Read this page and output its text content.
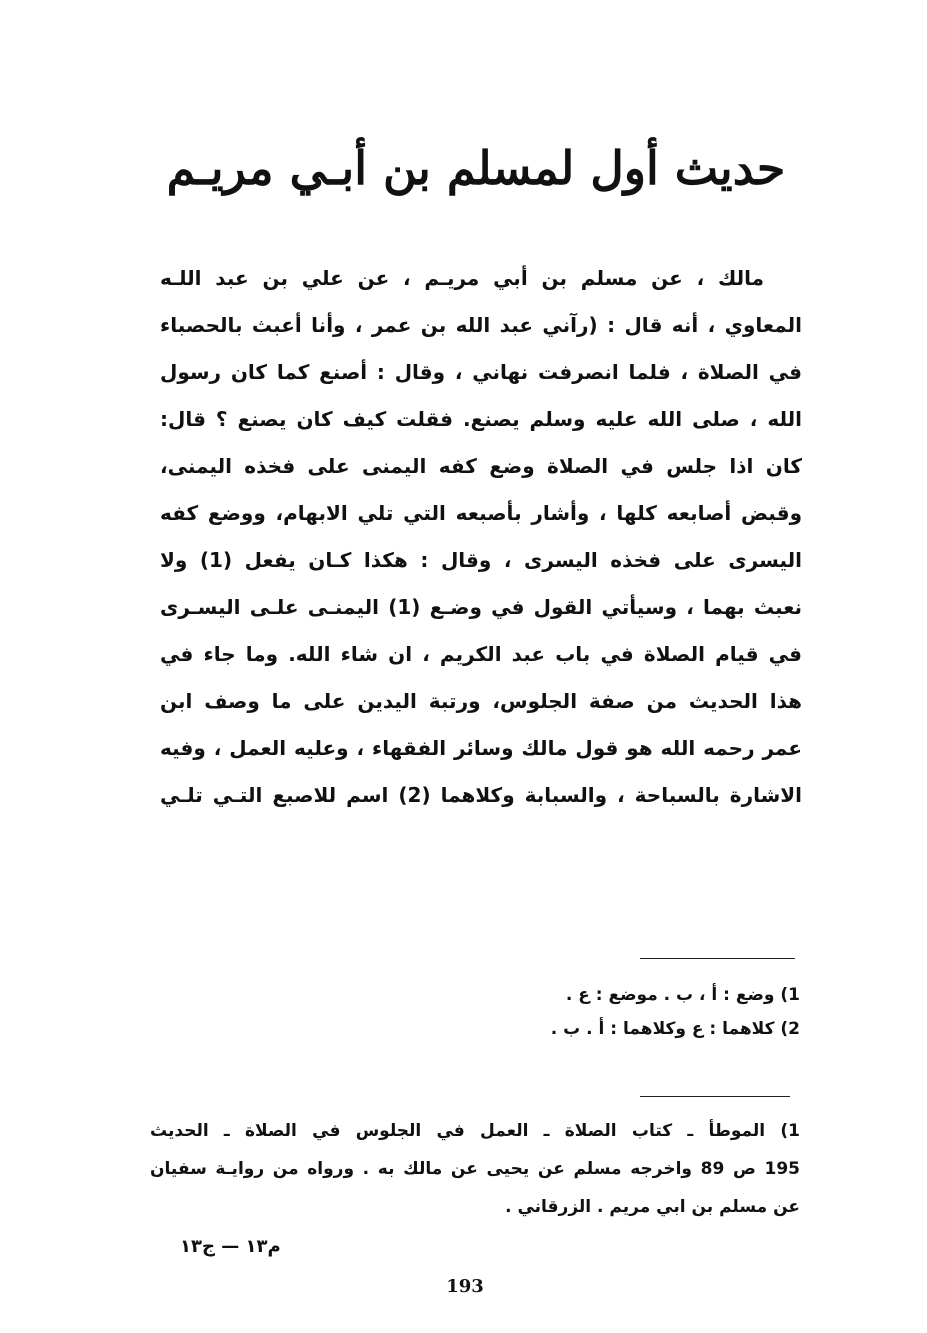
حديث أول لمسلم بن أبـي مريـم
مالك ، عن مسلم بن أبي مريـم ، عن علي بن عبد اللـه
المعاوي ، أنه قال : (رآني عبد الله بن عمر ، وأنا أعبث بالحصباء
في الصلاة ، فلما انصرفت نهاني ، وقال : أصنع كما كان رسول
الله ، صلى الله عليه وسلم يصنع. فقلت كيف كان يصنع ؟ قال:
كان اذا جلس في الصلاة وضع كفه اليمنى على فخذه اليمنى،
وقبض أصابعه كلها ، وأشار بأصبعه التي تلي الابهام، ووضع كفه
اليسرى على فخذه اليسرى ، وقال : هكذا كـان يفعل (1) ولا
نعبث بهما ، وسيأتي القول في وضـع (1) اليمنـى علـى اليسـرى
في قيام الصلاة في باب عبد الكريم ، ان شاء الله. وما جاء في
هذا الحديث من صفة الجلوس، ورتبة اليدين على ما وصف ابن
عمر رحمه الله هو قول مالك وسائر الفقهاء ، وعليه العمل ، وفيه
الاشارة بالسباحة ، والسبابة وكلاهما (2) اسم للاصبع التـي تلـي
1) وضع : أ ، ب . موضع : ع .
2) كلاهما : ع وكلاهما : أ . ب .
1) الموطأ ـ كتاب الصلاة ـ العمل في الجلوس في الصلاة ـ الحديث
195 ص 89 واخرجه مسلم عن يحيى عن مالك به . ورواه من روايـة سفيان
عن مسلم بن ابي مريم . الزرقاني .
م١٣ — ج١٣
193
